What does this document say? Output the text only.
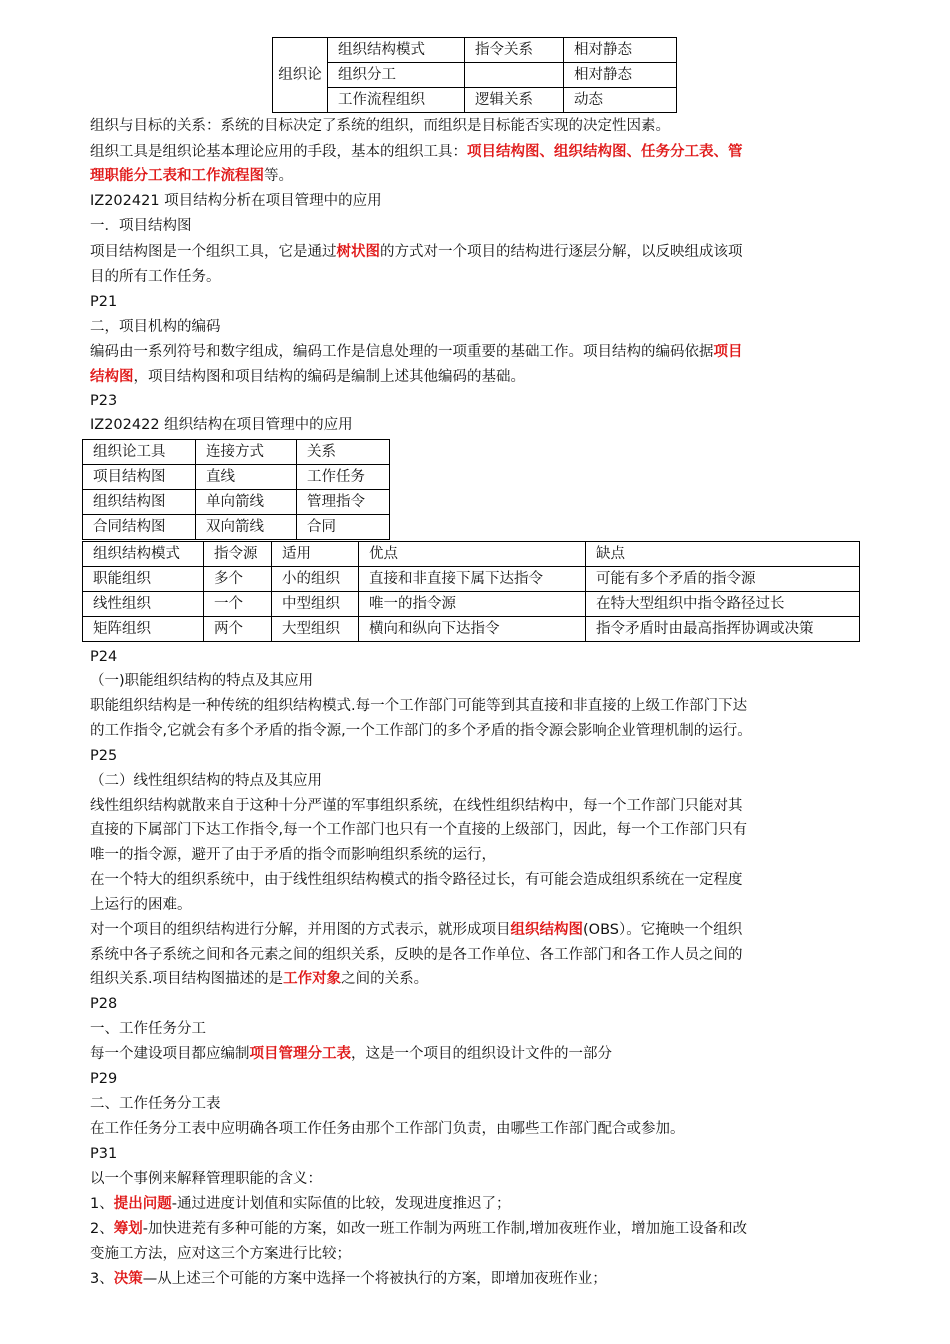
组织论	组织结构模式	指令关系	相对静态
	组织分工		相对静态
	工作流程组织	逻辑关系	动态
组织与目标的关系：系统的目标决定了系统的组织，而组织是目标能否实现的决定性因素。
组织工具是组织论基本理论应用的手段，基本的组织工具：项目结构图、组织结构图、任务分工表、管
理职能分工表和工作流程图等。
IZ202421 项目结构分析在项目管理中的应用
一．项目结构图
项目结构图是一个组织工具，它是通过树状图的方式对一个项目的结构进行逐层分解，以反映组成该项
目的所有工作任务。
P21
二，项目机构的编码
编码由一系列符号和数字组成，编码工作是信息处理的一项重要的基础工作。项目结构的编码依据项目
结构图，项目结构图和项目结构的编码是编制上述其他编码的基础。
P23
IZ202422 组织结构在项目管理中的应用
组织论工具	连接方式	关系
项目结构图	直线	工作任务
组织结构图	单向箭线	管理指令
合同结构图	双向箭线	合同
组织结构模式	指令源	适用	优点	缺点
职能组织	多个	小的组织	直接和非直接下属下达指令	可能有多个矛盾的指令源
线性组织	一个	中型组织	唯一的指令源	在特大型组织中指令路径过长
矩阵组织	两个	大型组织	横向和纵向下达指令	指令矛盾时由最高指挥协调或决策
P24
（一)职能组织结构的特点及其应用
职能组织结构是一种传统的组织结构模式.每一个工作部门可能等到其直接和非直接的上级工作部门下达
的工作指令,它就会有多个矛盾的指令源,一个工作部门的多个矛盾的指令源会影响企业管理机制的运行。
P25
（二）线性组织结构的特点及其应用
线性组织结构就散来自于这种十分严谨的军事组织系统，在线性组织结构中，每一个工作部门只能对其
直接的下属部门下达工作指令,每一个工作部门也只有一个直接的上级部门，因此，每一个工作部门只有
唯一的指令源，避开了由于矛盾的指令而影响组织系统的运行，
在一个特大的组织系统中，由于线性组织结构模式的指令路径过长，有可能会造成组织系统在一定程度
上运行的困难。
对一个项目的组织结构进行分解，并用图的方式表示，就形成项目组织结构图(OBS）。它掩映一个组织
系统中各子系统之间和各元素之间的组织关系，反映的是各工作单位、各工作部门和各工作人员之间的
组织关系.项目结构图描述的是工作对象之间的关系。
P28
一、工作任务分工
每一个建设项目都应编制项目管理分工表，这是一个项目的组织设计文件的一部分
P29
二、工作任务分工表
在工作任务分工表中应明确各项工作任务由那个工作部门负责，由哪些工作部门配合或参加。
P31
以一个事例来解释管理职能的含义：
1、提出问题-通过进度计划值和实际值的比较，发现进度推迟了；
2、筹划-加快进茺有多种可能的方案，如改一班工作制为两班工作制,增加夜班作业，增加施工设备和改
变施工方法，应对这三个方案进行比较；
3、决策—从上述三个可能的方案中选择一个将被执行的方案，即增加夜班作业；
